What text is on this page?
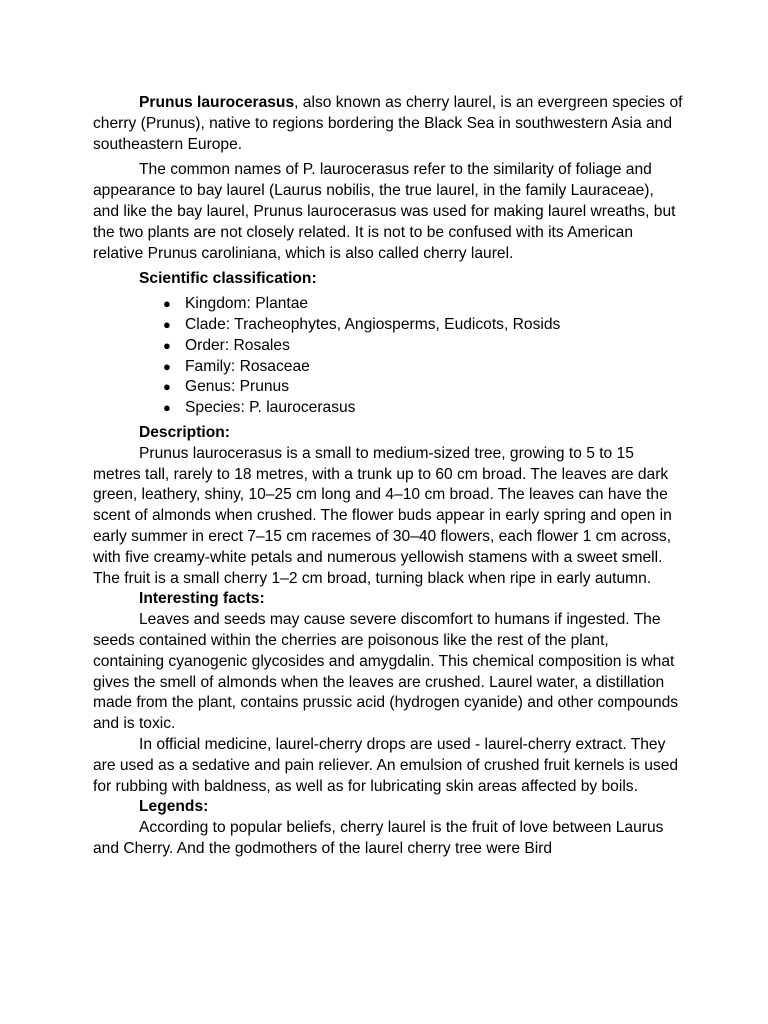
Prunus laurocerasus, also known as cherry laurel, is an evergreen species of cherry (Prunus), native to regions bordering the Black Sea in southwestern Asia and southeastern Europe.

The common names of P. laurocerasus refer to the similarity of foliage and appearance to bay laurel (Laurus nobilis, the true laurel, in the family Lauraceae), and like the bay laurel, Prunus laurocerasus was used for making laurel wreaths, but the two plants are not closely related. It is not to be confused with its American relative Prunus caroliniana, which is also called cherry laurel.

Scientific classification:

● Kingdom: Plantae
● Clade: Tracheophytes, Angiosperms, Eudicots, Rosids
● Order: Rosales
● Family: Rosaceae
● Genus: Prunus
● Species: P. laurocerasus

Description:

Prunus laurocerasus is a small to medium-sized tree, growing to 5 to 15 metres tall, rarely to 18 metres, with a trunk up to 60 cm broad. The leaves are dark green, leathery, shiny, 10–25 cm long and 4–10 cm broad. The leaves can have the scent of almonds when crushed. The flower buds appear in early spring and open in early summer in erect 7–15 cm racemes of 30–40 flowers, each flower 1 cm across, with five creamy-white petals and numerous yellowish stamens with a sweet smell. The fruit is a small cherry 1–2 cm broad, turning black when ripe in early autumn.

Interesting facts:

Leaves and seeds may cause severe discomfort to humans if ingested. The seeds contained within the cherries are poisonous like the rest of the plant, containing cyanogenic glycosides and amygdalin. This chemical composition is what gives the smell of almonds when the leaves are crushed. Laurel water, a distillation made from the plant, contains prussic acid (hydrogen cyanide) and other compounds and is toxic.

In official medicine, laurel-cherry drops are used - laurel-cherry extract. They are used as a sedative and pain reliever. An emulsion of crushed fruit kernels is used for rubbing with baldness, as well as for lubricating skin areas affected by boils.

Legends:

According to popular beliefs, cherry laurel is the fruit of love between Laurus and Cherry. And the godmothers of the laurel cherry tree were Bird
